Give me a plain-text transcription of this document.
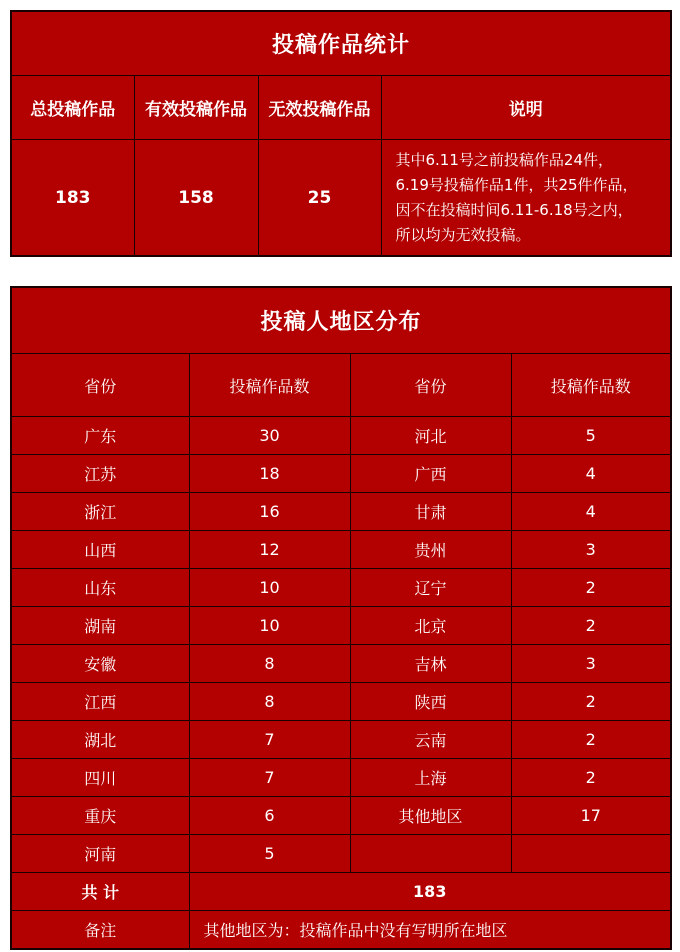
投稿作品统计			
总投稿作品	有效投稿作品	无效投稿作品	说明
183	158	25	其中6.11号之前投稿作品24件，
6.19号投稿作品1件，共25件作品，
因不在投稿时间6.11-6.18号之内，
所以均为无效投稿。
投稿人地区分布			
省份	投稿作品数	省份	投稿作品数
广东	30	河北	5
江苏	18	广西	4
浙江	16	甘肃	4
山西	12	贵州	3
山东	10	辽宁	2
湖南	10	北京	2
安徽	8	吉林	3
江西	8	陕西	2
湖北	7	云南	2
四川	7	上海	2
重庆	6	其他地区	17
河南	5		
共 计	183		
备注	其他地区为：投稿作品中没有写明所在地区		
